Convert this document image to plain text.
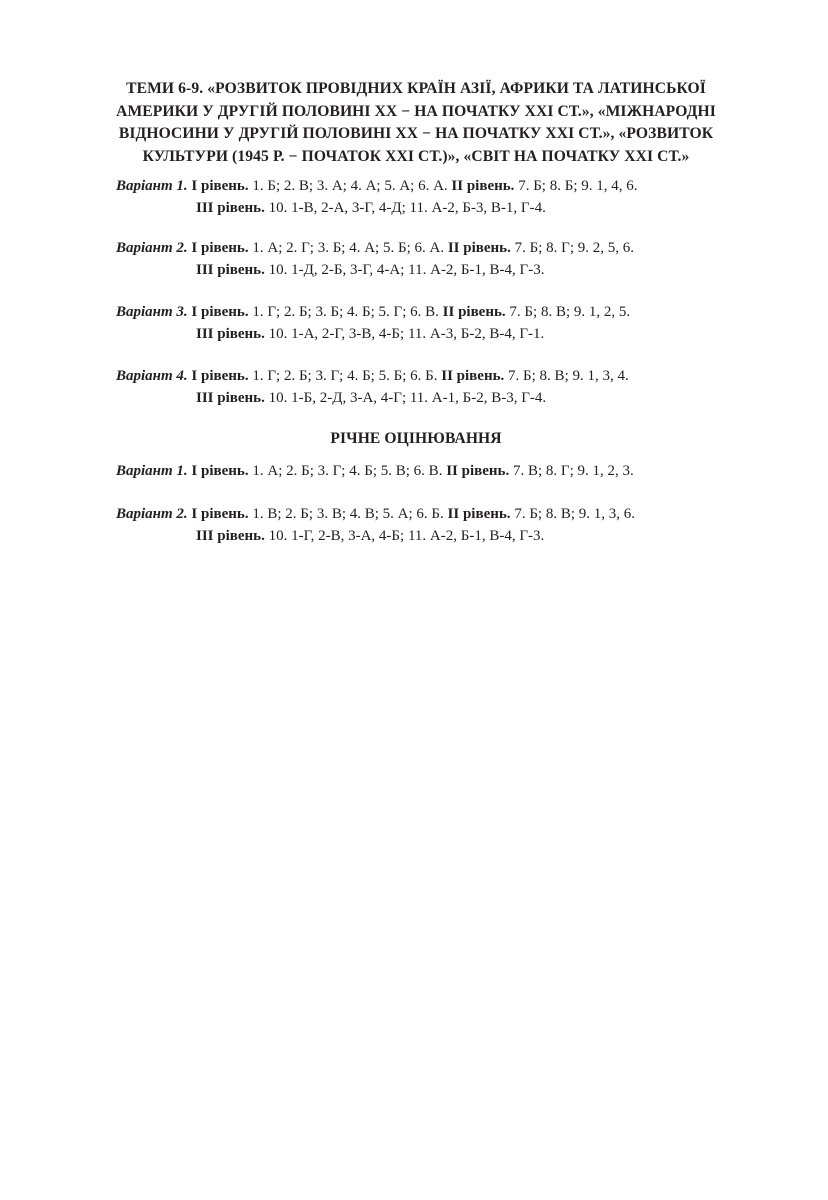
ТЕМИ 6-9. «РОЗВИТОК ПРОВІДНИХ КРАЇН АЗІЇ, АФРИКИ ТА ЛАТИНСЬКОЇ
АМЕРИКИ У ДРУГІЙ ПОЛОВИНІ ХХ − НА ПОЧАТКУ ХХІ СТ.», «МІЖНАРОДНІ
ВІДНОСИНИ У ДРУГІЙ ПОЛОВИНІ ХХ − НА ПОЧАТКУ ХХІ СТ.», «РОЗВИТОК
КУЛЬТУРИ (1945 Р. − ПОЧАТОК ХХІ СТ.)», «СВІТ НА ПОЧАТКУ ХХІ СТ.»
Варіант 1. І рівень. 1. Б; 2. В; 3. А; 4. А; 5. А; 6. А. ІІ рівень. 7. Б; 8. Б; 9. 1, 4, 6.
ІІІ рівень. 10. 1-В, 2-А, 3-Г, 4-Д; 11. А-2, Б-3, В-1, Г-4.
Варіант 2. І рівень. 1. А; 2. Г; 3. Б; 4. А; 5. Б; 6. А. ІІ рівень. 7. Б; 8. Г; 9. 2, 5, 6.
ІІІ рівень. 10. 1-Д, 2-Б, 3-Г, 4-А; 11. А-2, Б-1, В-4, Г-3.
Варіант 3. І рівень. 1. Г; 2. Б; 3. Б; 4. Б; 5. Г; 6. В. ІІ рівень. 7. Б; 8. В; 9. 1, 2, 5.
ІІІ рівень. 10. 1-А, 2-Г, 3-В, 4-Б; 11. А-3, Б-2, В-4, Г-1.
Варіант 4. І рівень. 1. Г; 2. Б; 3. Г; 4. Б; 5. Б; 6. Б. ІІ рівень. 7. Б; 8. В; 9. 1, 3, 4.
ІІІ рівень. 10. 1-Б, 2-Д, 3-А, 4-Г; 11. А-1, Б-2, В-3, Г-4.
РІЧНЕ ОЦІНЮВАННЯ
Варіант 1. І рівень. 1. А; 2. Б; 3. Г; 4. Б; 5. В; 6. В. ІІ рівень. 7. В; 8. Г; 9. 1, 2, 3.
Варіант 2. І рівень. 1. В; 2. Б; 3. В; 4. В; 5. А; 6. Б. ІІ рівень. 7. Б; 8. В; 9. 1, 3, 6.
ІІІ рівень. 10. 1-Г, 2-В, 3-А, 4-Б; 11. А-2, Б-1, В-4, Г-3.
